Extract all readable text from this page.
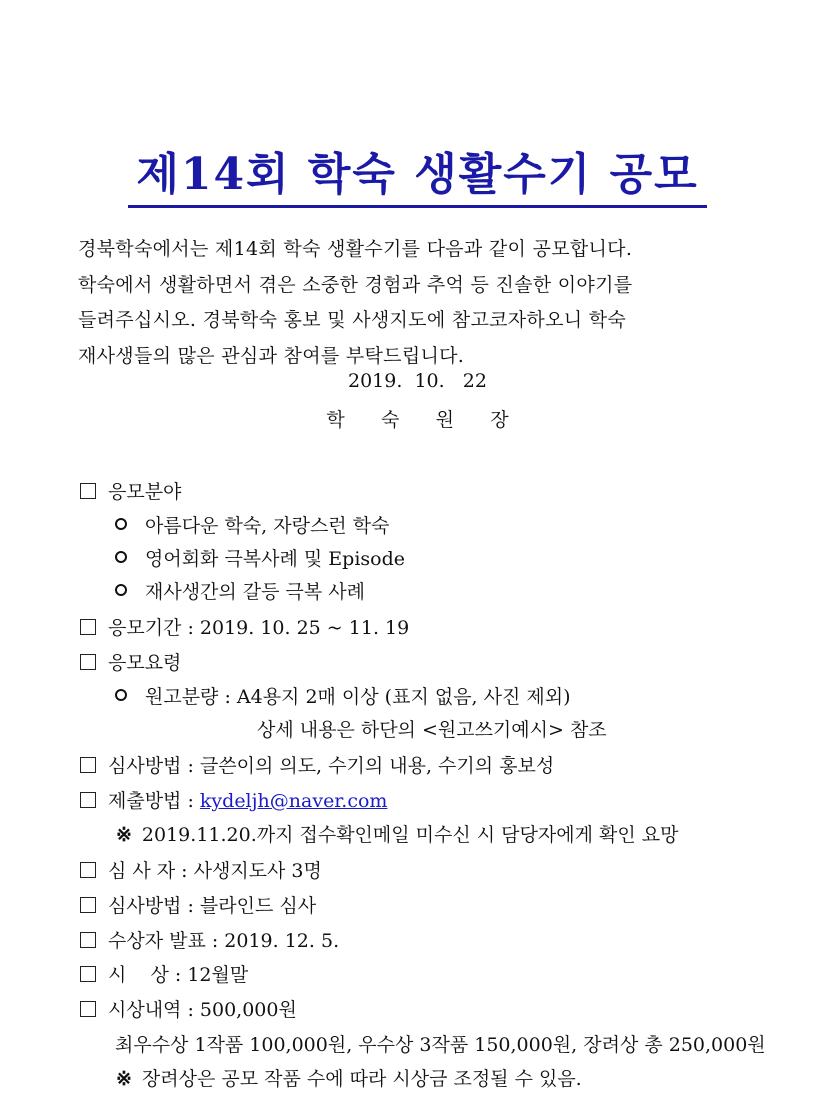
제14회 학숙 생활수기 공모

경북학숙에서는 제14회 학숙 생활수기를 다음과 같이 공모합니다.

학숙에서 생활하면서 겪은 소중한 경험과 추억 등 진솔한 이야기를

들려주십시오. 경북학숙 홍보 및 사생지도에 참고코자하오니 학숙

재사생들의 많은 관심과 참여를 부탁드립니다.

2019.  10.   22
학      숙      원      장
응모분야
아름다운 학숙, 자랑스런 학숙
영어회화 극복사례 및 Episode
재사생간의 갈등 극복 사례
응모기간 : 2019. 10. 25 ~ 11. 19
응모요령
원고분량 : A4용지 2매 이상 (표지 없음, 사진 제외)
상세 내용은 하단의 <원고쓰기예시> 참조
심사방법 : 글쓴이의 의도, 수기의 내용, 수기의 홍보성
제출방법 : kydeljh@naver.com
※ 2019.11.20.까지 접수확인메일 미수신 시 담당자에게 확인 요망
심 사 자 : 사생지도사 3명
심사방법 : 블라인드 심사
수상자 발표 : 2019. 12. 5.
시    상 : 12월말
시상내역 : 500,000원
최우수상 1작품 100,000원, 우수상 3작품 150,000원, 장려상 총 250,000원
※ 장려상은 공모 작품 수에 따라 시상금 조정될 수 있음.
